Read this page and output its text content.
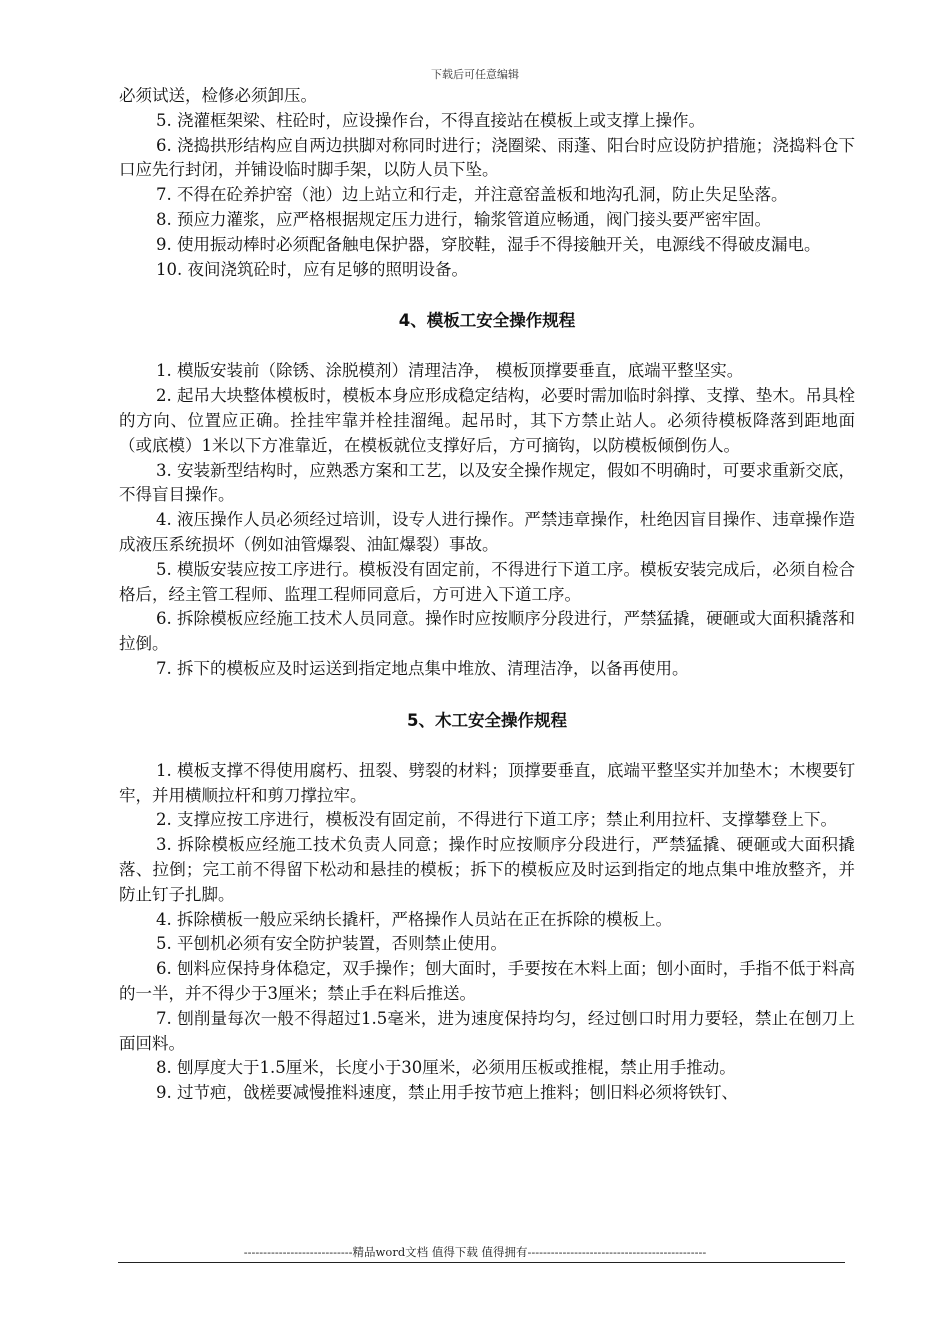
下载后可任意编辑

必须试送，检修必须卸压。

5. 浇灌框架梁、柱砼时，应设操作台，不得直接站在模板上或支撑上操作。

6. 浇捣拱形结构应自两边拱脚对称同时进行；浇圈梁、雨蓬、阳台时应设防护措施；浇捣料仓下口应先行封闭，并铺设临时脚手架，以防人员下坠。

7. 不得在砼养护窑（池）边上站立和行走，并注意窑盖板和地沟孔洞，防止失足坠落。

8. 预应力灌浆，应严格根据规定压力进行，输浆管道应畅通，阀门接头要严密牢固。

9. 使用振动棒时必须配备触电保护器，穿胶鞋，湿手不得接触开关，电源线不得破皮漏电。

10. 夜间浇筑砼时，应有足够的照明设备。

4、模板工安全操作规程

1. 模版安装前（除锈、涂脱模剂）清理洁净， 模板顶撑要垂直，底端平整坚实。

2. 起吊大块整体模板时，模板本身应形成稳定结构，必要时需加临时斜撑、支撑、垫木。吊具栓的方向、位置应正确。拴挂牢靠并栓挂溜绳。起吊时，其下方禁止站人。必须待模板降落到距地面（或底模）1米以下方准靠近，在模板就位支撑好后，方可摘钩，以防模板倾倒伤人。

3. 安装新型结构时，应熟悉方案和工艺，以及安全操作规定，假如不明确时，可要求重新交底，不得盲目操作。

4. 液压操作人员必须经过培训，设专人进行操作。严禁违章操作，杜绝因盲目操作、违章操作造成液压系统损坏（例如油管爆裂、油缸爆裂）事故。

5. 模版安装应按工序进行。模板没有固定前，不得进行下道工序。模板安装完成后，必须自检合格后，经主管工程师、监理工程师同意后，方可进入下道工序。

6. 拆除模板应经施工技术人员同意。操作时应按顺序分段进行，严禁猛撬，硬砸或大面积撬落和拉倒。

7. 拆下的模板应及时运送到指定地点集中堆放、清理洁净，以备再使用。

5、木工安全操作规程

1. 模板支撑不得使用腐朽、扭裂、劈裂的材料；顶撑要垂直，底端平整坚实并加垫木；木楔要钉牢，并用横顺拉杆和剪刀撑拉牢。

2. 支撑应按工序进行，模板没有固定前，不得进行下道工序；禁止利用拉杆、支撑攀登上下。

3. 拆除模板应经施工技术负责人同意；操作时应按顺序分段进行，严禁猛撬、硬砸或大面积撬落、拉倒；完工前不得留下松动和悬挂的模板；拆下的模板应及时运到指定的地点集中堆放整齐，并防止钉子扎脚。

4. 拆除横板一般应采纳长撬杆，严格操作人员站在正在拆除的模板上。

5. 平刨机必须有安全防护装置，否则禁止使用。

6. 刨料应保持身体稳定，双手操作；刨大面时，手要按在木料上面；刨小面时，手指不低于料高的一半，并不得少于3厘米；禁止手在料后推送。

7. 刨削量每次一般不得超过1.5毫米，进为速度保持均匀，经过刨口时用力要轻，禁止在刨刀上面回料。

8. 刨厚度大于1.5厘米，长度小于30厘米，必须用压板或推棍，禁止用手推动。

9. 过节疤，戗槎要减慢推料速度，禁止用手按节疤上推料；刨旧料必须将铁钉、

----------------------------精品word文档 值得下载 值得拥有----------------------------------------------
